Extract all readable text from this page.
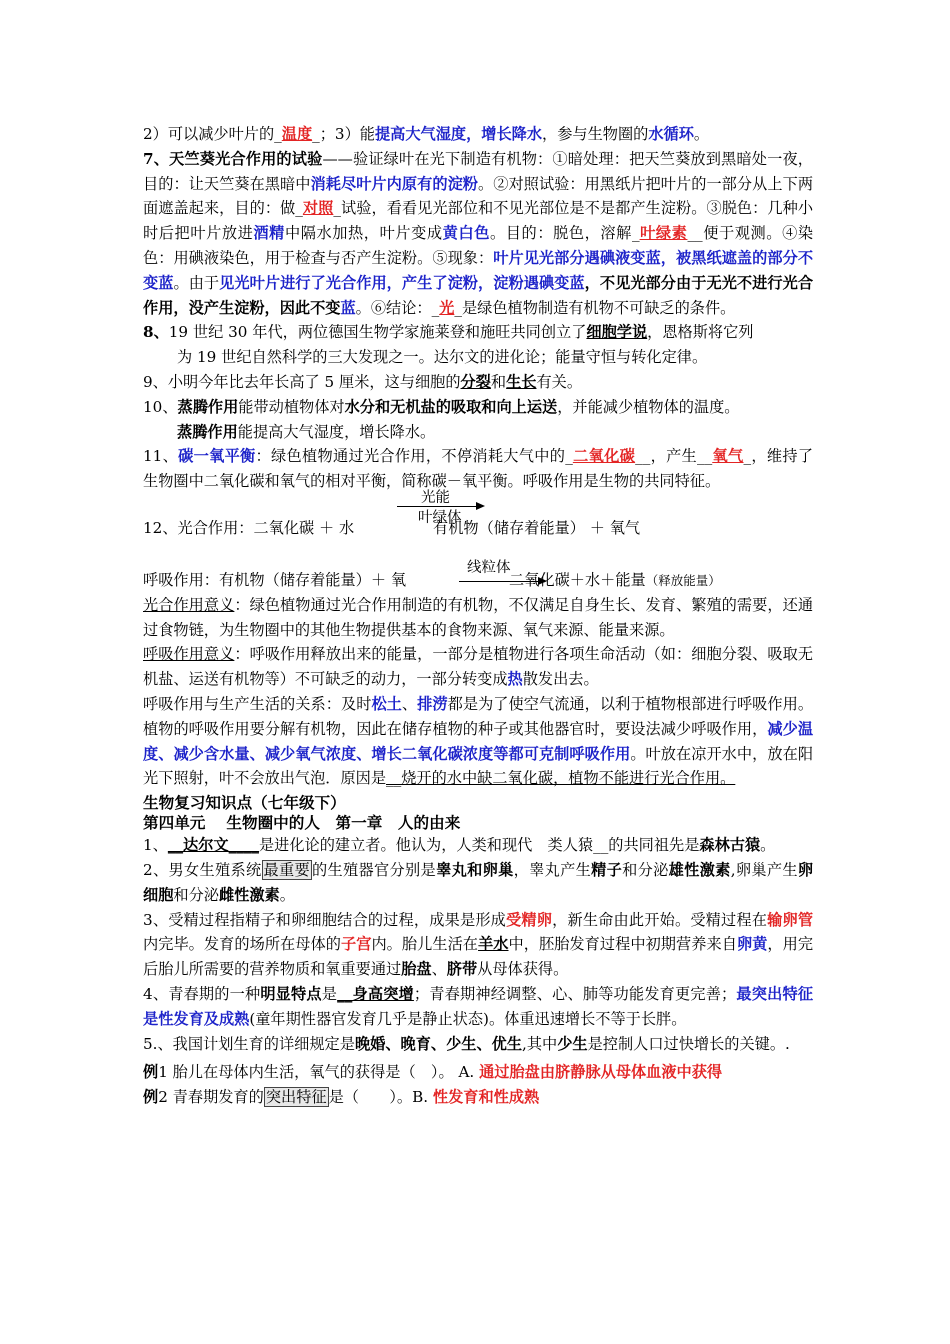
2）可以减少叶片的_温度_；3）能提高大气湿度，增长降水，参与生物圈的水循环。

7、天竺葵光合作用的试验——验证绿叶在光下制造有机物：①暗处理：把天竺葵放到黑暗处一夜，目的：让天竺葵在黑暗中消耗尽叶片内原有的淀粉。②对照试验：用黑纸片把叶片的一部分从上下两面遮盖起来，目的：做_对照_试验，看看见光部位和不见光部位是不是都产生淀粉。③脱色：几种小时后把叶片放进酒精中隔水加热，叶片变成黄白色。目的：脱色，溶解_叶绿素__便于观测。④染色：用碘液染色，用于检查与否产生淀粉。⑤现象：叶片见光部分遇碘液变蓝，被黑纸遮盖的部分不变蓝。由于见光叶片进行了光合作用，产生了淀粉，淀粉遇碘变蓝，不见光部分由于无光不进行光合作用，没产生淀粉，因此不变蓝。⑥结论：_光_是绿色植物制造有机物不可缺乏的条件。

8、19 世纪 30 年代，两位德国生物学家施莱登和施旺共同创立了细胞学说，恩格斯将它列
为 19 世纪自然科学的三大发现之一。达尔文的进化论；能量守恒与转化定律。

9、小明今年比去年长高了 5 厘米，这与细胞的分裂和生长有关。

10、蒸腾作用能带动植物体对水分和无机盐的吸取和向上运送，并能减少植物体的温度。
蒸腾作用能提高大气湿度，增长降水。

11、碳一氧平衡：绿色植物通过光合作用，不停消耗大气中的_二氧化碳__，产生__氧气_，维持了生物圈中二氧化碳和氧气的相对平衡，简称碳－氧平衡。呼吸作用是生物的共同特征。

光能
叶绿体
12、光合作用：二氧化碳 ＋ 水	有机物（储存着能量） ＋ 氧气
呼吸作用：有机物（储存着能量）＋ 氧
线粒体
二氧化碳＋水＋能量（释放能量）

光合作用意义：绿色植物通过光合作用制造的有机物，不仅满足自身生长、发育、繁殖的需要，还通过食物链，为生物圈中的其他生物提供基本的食物来源、氧气来源、能量来源。

呼吸作用意义：呼吸作用释放出来的能量，一部分是植物进行各项生命活动（如：细胞分裂、吸取无机盐、运送有机物等）不可缺乏的动力，一部分转变成热散发出去。

呼吸作用与生产生活的关系：及时松土、排涝都是为了使空气流通，以利于植物根部进行呼吸作用。植物的呼吸作用要分解有机物，因此在储存植物的种子或其他器官时，要设法减少呼吸作用，减少温度、减少含水量、减少氧气浓度、增长二氧化碳浓度等都可克制呼吸作用。叶放在凉开水中，放在阳光下照射，叶不会放出气泡．原因是__烧开的水中缺二氧化碳，植物不能进行光合作用。

生物复习知识点（七年级下）

第四单元　 生物圈中的人　第一章　人的由来

1、__达尔文____是进化论的建立者。他认为，人类和现代　类人猿__的共同祖先是森林古猿。

2、男女生殖系统 最重要 的生殖器官分别是睾丸和卵巢，睾丸产生精子和分泌雄性激素,卵巢产生卵细胞和分泌雌性激素。

3、受精过程指精子和卵细胞结合的过程，成果是形成受精卵，新生命由此开始。受精过程在输卵管内完毕。发育的场所在母体的子宫内。胎儿生活在羊水中，胚胎发育过程中初期营养来自卵黄，用完后胎儿所需要的营养物质和氧重要通过胎盘、脐带从母体获得。

4、青春期的一种明显特点是__身高突增；青春期神经调整、心、肺等功能发育更完善；最突出特征是性发育及成熟(童年期性器官发育几乎是静止状态)。体重迅速增长不等于长胖。

5.、我国计划生育的详细规定是晚婚、晚育、少生、优生,其中少生是控制人口过快增长的关键。.

例1 胎儿在母体内生活，氧气的获得是（　）。 A. 通过胎盘由脐静脉从母体血液中获得

例2 青春期发育的 突出特征 是（　　）。B. 性发育和性成熟
